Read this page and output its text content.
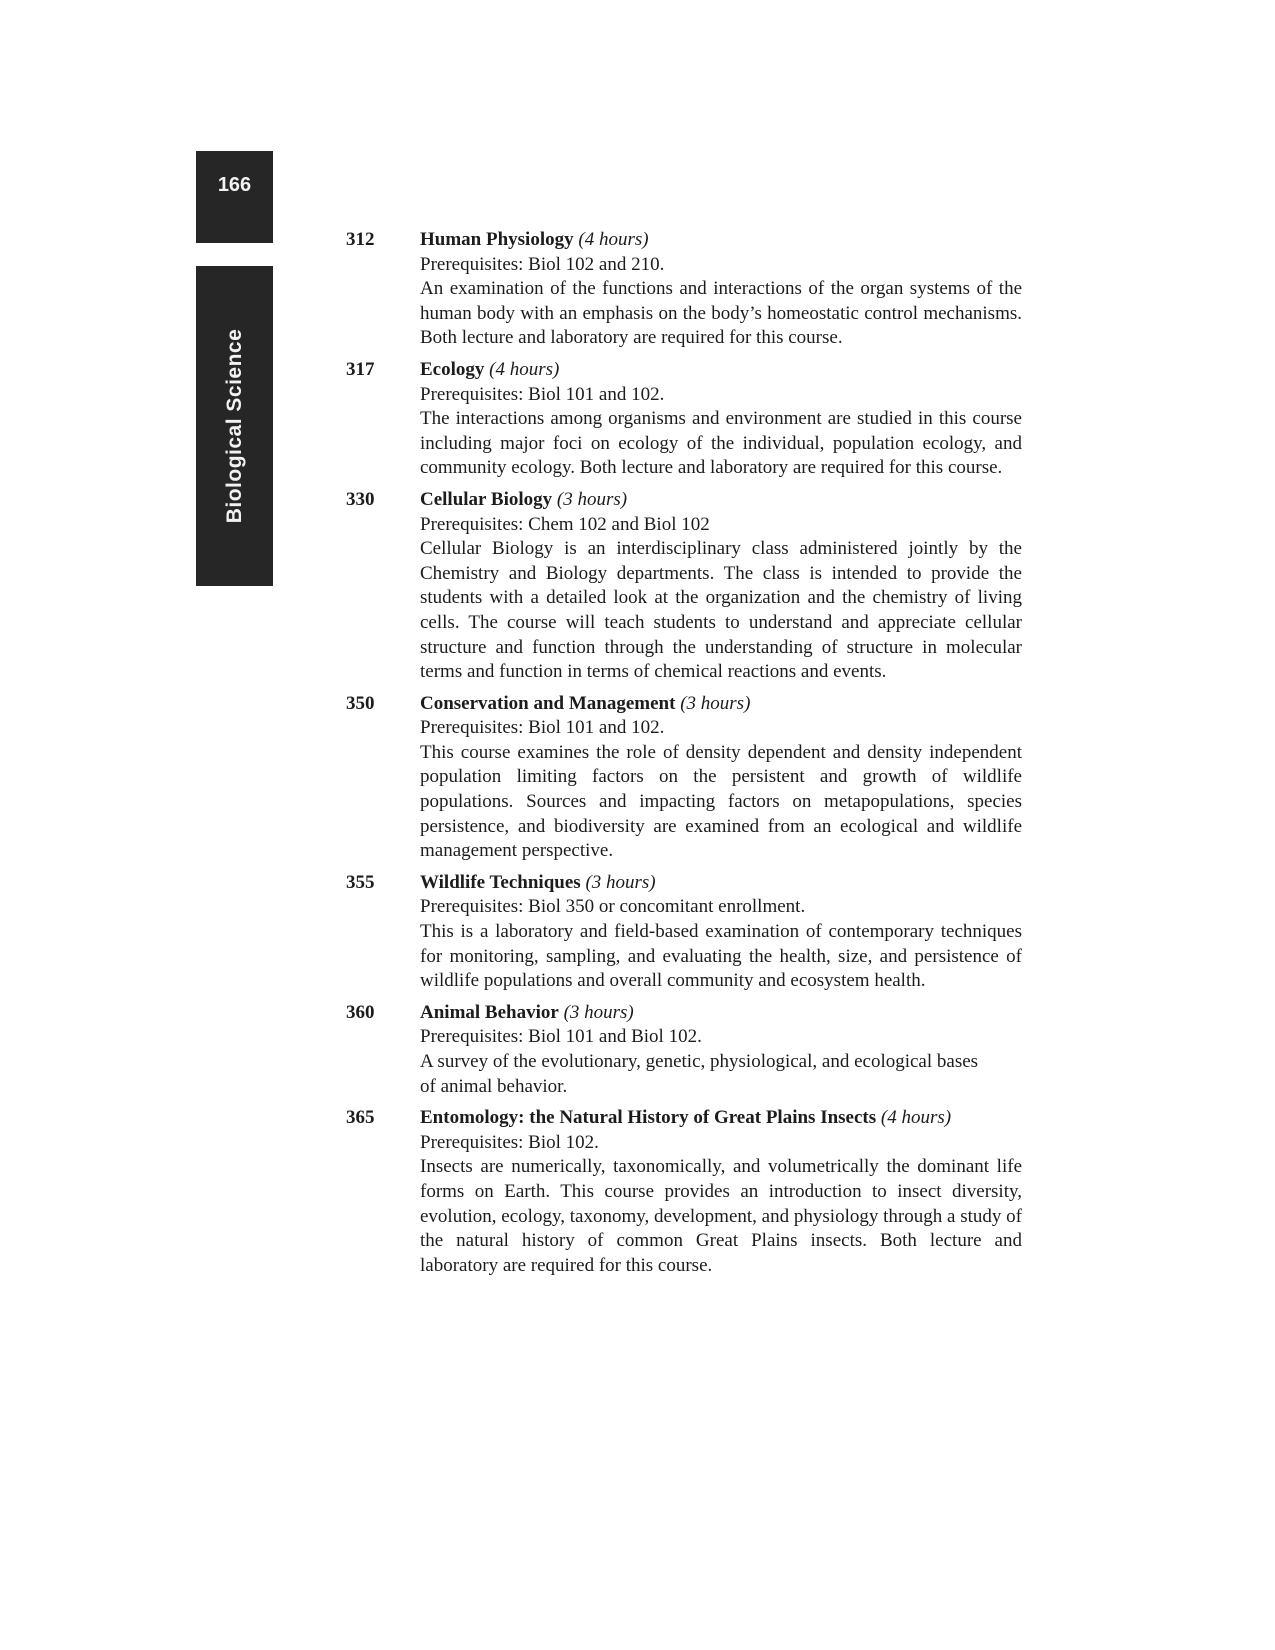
166
Biological Science
312 Human Physiology (4 hours)
Prerequisites: Biol 102 and 210.

An examination of the functions and interactions of the organ systems of the human body with an emphasis on the body’s homeostatic control mechanisms. Both lecture and laboratory are required for this course.

317 Ecology (4 hours)
Prerequisites: Biol 101 and 102.

The interactions among organisms and environment are studied in this course including major foci on ecology of the individual, population ecology, and community ecology. Both lecture and laboratory are required for this course.

330 Cellular Biology (3 hours)
Prerequisites: Chem 102 and Biol 102

Cellular Biology is an interdisciplinary class administered jointly by the Chemistry and Biology departments. The class is intended to provide the students with a detailed look at the organization and the chemistry of living cells. The course will teach students to understand and appreciate cellular structure and function through the understanding of structure in molecular terms and function in terms of chemical reactions and events.

350 Conservation and Management (3 hours)
Prerequisites: Biol 101 and 102.

This course examines the role of density dependent and density independent population limiting factors on the persistent and growth of wildlife populations. Sources and impacting factors on metapopulations, species persistence, and biodiversity are examined from an ecological and wildlife management perspective.

355 Wildlife Techniques (3 hours)
Prerequisites: Biol 350 or concomitant enrollment.

This is a laboratory and field-based examination of contemporary techniques for monitoring, sampling, and evaluating the health, size, and persistence of wildlife populations and overall community and ecosystem health.

360 Animal Behavior (3 hours)
Prerequisites: Biol 101 and Biol 102.

A survey of the evolutionary, genetic, physiological, and ecological bases of animal behavior.

365 Entomology: the Natural History of Great Plains Insects (4 hours)
Prerequisites: Biol 102.

Insects are numerically, taxonomically, and volumetrically the dominant life forms on Earth. This course provides an introduction to insect diversity, evolution, ecology, taxonomy, development, and physiology through a study of the natural history of common Great Plains insects. Both lecture and laboratory are required for this course.
